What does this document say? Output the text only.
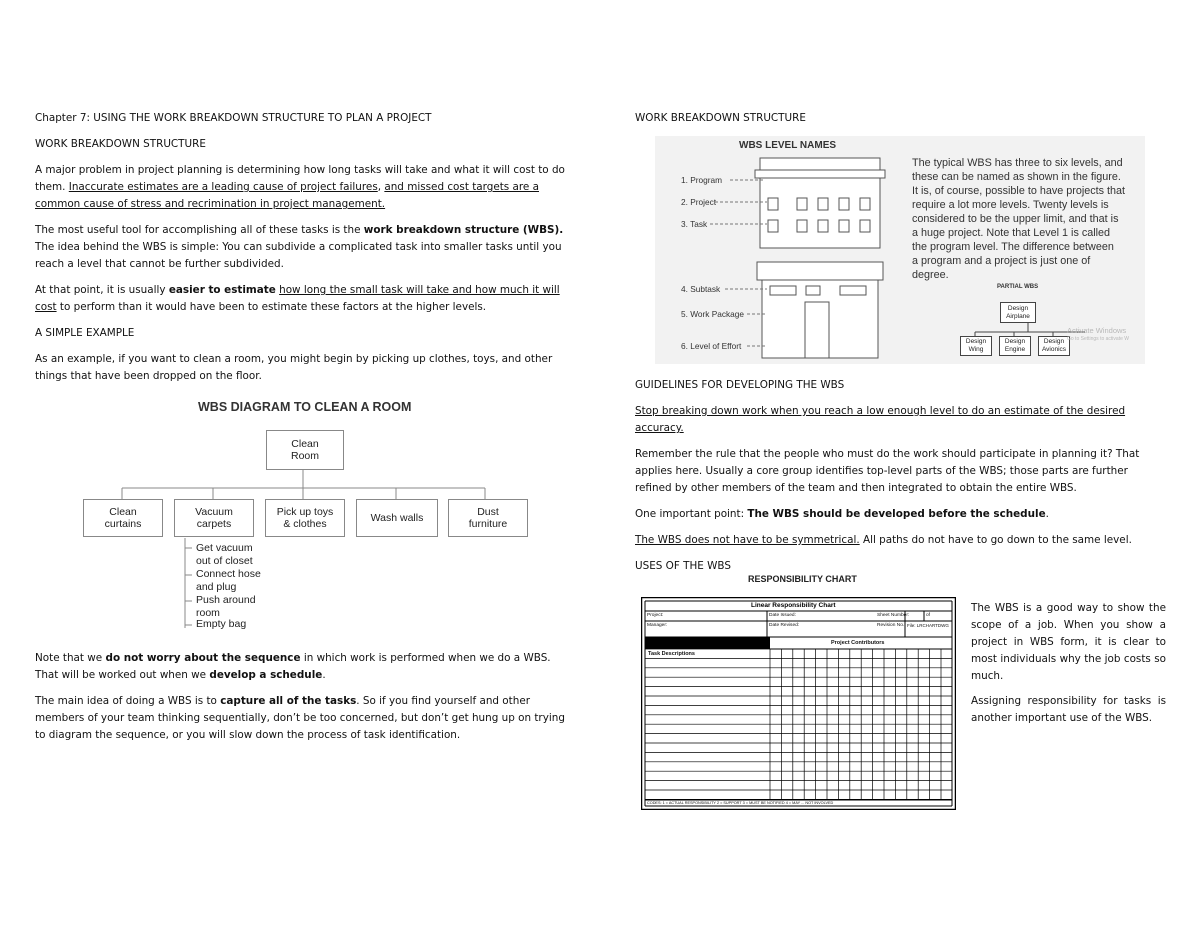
Chapter 7: USING THE WORK BREAKDOWN STRUCTURE TO PLAN A PROJECT

WORK BREAKDOWN STRUCTURE

A major problem in project planning is determining how long tasks will take and what it will cost to do them. Inaccurate estimates are a leading cause of project failures, and missed cost targets are a common cause of stress and recrimination in project management.

The most useful tool for accomplishing all of these tasks is the work breakdown structure (WBS). The idea behind the WBS is simple: You can subdivide a complicated task into smaller tasks until you reach a level that cannot be further subdivided.

At that point, it is usually easier to estimate how long the small task will take and how much it will cost to perform than it would have been to estimate these factors at the higher levels.

A SIMPLE EXAMPLE

As an example, if you want to clean a room, you might begin by picking up clothes, toys, and other things that have been dropped on the floor.

WBS DIAGRAM TO CLEAN A ROOM
Clean
Room
Clean
curtains
Vacuum
carpets
Pick up toys
& clothes	Wash walls	Dust
furniture
Get vacuum
out of closet
Connect hose
and plug
Push around
room
Empty bag

Note that we do not worry about the sequence in which work is performed when we do a WBS. That will be worked out when we develop a schedule.

The main idea of doing a WBS is to capture all of the tasks. So if you find yourself and other members of your team thinking sequentially, don’t be too concerned, but don’t get hung up on trying to diagram the sequence, or you will slow down the process of task identification.

WORK BREAKDOWN STRUCTURE

WBS LEVEL NAMES
1. Program
2. Project
3. Task
4. Subtask
5. Work Package
6. Level of Effort
The typical WBS has three to six levels, and
these can be named as shown in the figure.
It is, of course, possible to have projects that
require a lot more levels. Twenty levels is
considered to be the upper limit, and that is
a huge project. Note that Level 1 is called
the program level. The difference between
a program and a project is just one of
degree.
PARTIAL WBS
Design
Airplane
Design
Wing
Design
Engine
Design
Avionics
Activate Windows
Go to Settings to activate W

GUIDELINES FOR DEVELOPING THE WBS

Stop breaking down work when you reach a low enough level to do an estimate of the desired accuracy.

Remember the rule that the people who must do the work should participate in planning it? That applies here. Usually a core group identifies top-level parts of the WBS; those parts are further refined by other members of the team and then integrated to obtain the entire WBS.

One important point: The WBS should be developed before the schedule.

The WBS does not have to be symmetrical. All paths do not have to go down to the same level.

USES OF THE WBS

RESPONSIBILITY CHART
Linear Responsibility Chart
Project:	Date Issued:	Sheet Number:	of
Manager:	Date Revised:	Revision No. File: LRCHARTDWG
Project Contributors
Task Descriptions
CODES: 1 = ACTUAL RESPONSIBILITY 2 = SUPPORT 3 = MUST BE NOTIFIED 4 = MAY ... NOT INVOLVED

The WBS is a good way to show the scope of a job. When you show a project in WBS form, it is clear to most individuals why the job costs so much.

Assigning responsibility for tasks is another important use of the WBS.
